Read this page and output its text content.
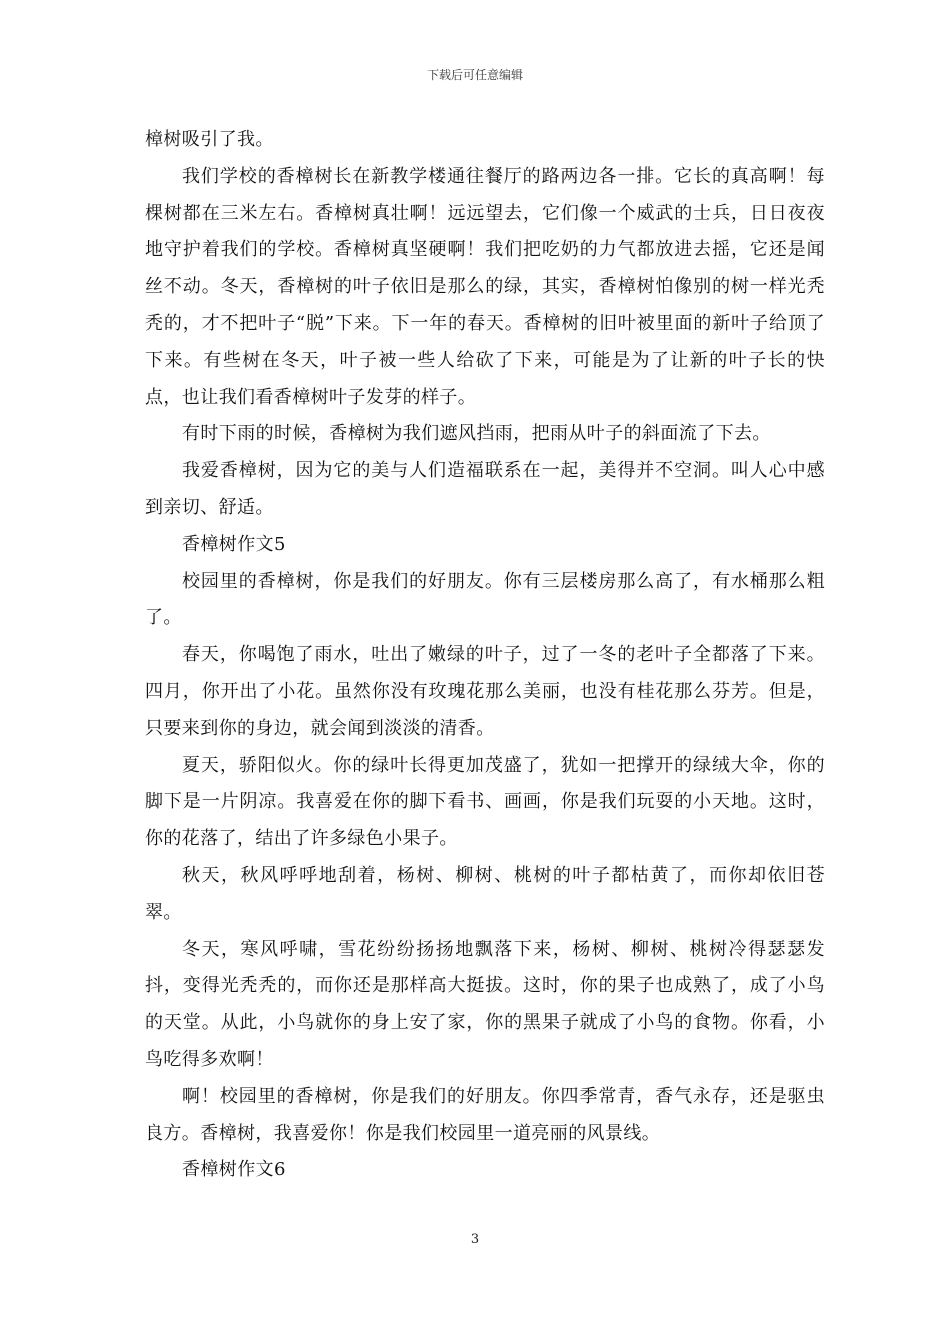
下载后可任意编辑

樟树吸引了我。

我们学校的香樟树长在新教学楼通往餐厅的路两边各一排。它长的真高啊！每棵树都在三米左右。香樟树真壮啊！远远望去，它们像一个威武的士兵，日日夜夜地守护着我们的学校。香樟树真坚硬啊！我们把吃奶的力气都放进去摇，它还是闻丝不动。冬天，香樟树的叶子依旧是那么的绿，其实，香樟树怕像别的树一样光秃秃的，才不把叶子“脱”下来。下一年的春天。香樟树的旧叶被里面的新叶子给顶了下来。有些树在冬天，叶子被一些人给砍了下来，可能是为了让新的叶子长的快点，也让我们看香樟树叶子发芽的样子。

有时下雨的时候，香樟树为我们遮风挡雨，把雨从叶子的斜面流了下去。

我爱香樟树，因为它的美与人们造福联系在一起，美得并不空洞。叫人心中感到亲切、舒适。

香樟树作文5

校园里的香樟树，你是我们的好朋友。你有三层楼房那么高了，有水桶那么粗了。

春天，你喝饱了雨水，吐出了嫩绿的叶子，过了一冬的老叶子全都落了下来。四月，你开出了小花。虽然你没有玫瑰花那么美丽，也没有桂花那么芬芳。但是，只要来到你的身边，就会闻到淡淡的清香。

夏天，骄阳似火。你的绿叶长得更加茂盛了，犹如一把撑开的绿绒大伞，你的脚下是一片阴凉。我喜爱在你的脚下看书、画画，你是我们玩耍的小天地。这时，你的花落了，结出了许多绿色小果子。

秋天，秋风呼呼地刮着，杨树、柳树、桃树的叶子都枯黄了，而你却依旧苍翠。

冬天，寒风呼啸，雪花纷纷扬扬地飘落下来，杨树、柳树、桃树冷得瑟瑟发抖，变得光秃秃的，而你还是那样高大挺拔。这时，你的果子也成熟了，成了小鸟的天堂。从此，小鸟就你的身上安了家，你的黑果子就成了小鸟的食物。你看，小鸟吃得多欢啊！

啊！校园里的香樟树，你是我们的好朋友。你四季常青，香气永存，还是驱虫良方。香樟树，我喜爱你！你是我们校园里一道亮丽的风景线。

香樟树作文6

3
